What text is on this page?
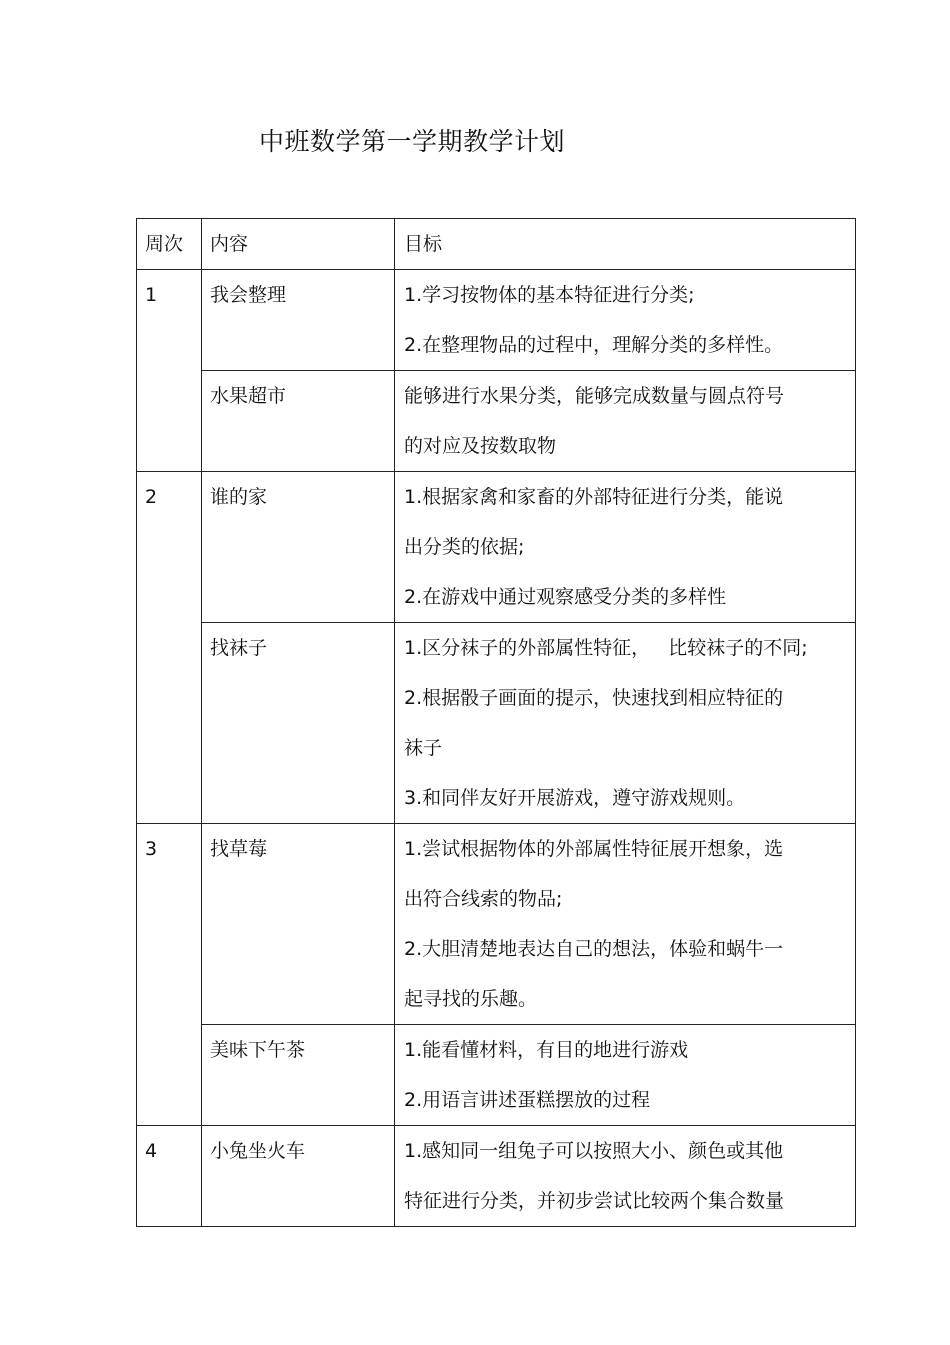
中班数学第一学期教学计划
周次	内容	目标

1	我会整理	1.学习按物体的基本特征进行分类;
2.在整理物品的过程中，理解分类的多样性。

	水果超市	能够进行水果分类，能够完成数量与圆点符号
的对应及按数取物

2	谁的家	1.根据家禽和家畜的外部特征进行分类，能说
出分类的依据;
2.在游戏中通过观察感受分类的多样性

	找袜子	1.区分袜子的外部属性特征，   比较袜子的不同;
2.根据骰子画面的提示，快速找到相应特征的
袜子
3.和同伴友好开展游戏，遵守游戏规则。

3	找草莓	1.尝试根据物体的外部属性特征展开想象，选
出符合线索的物品;
2.大胆清楚地表达自己的想法，体验和蜗牛一
起寻找的乐趣。

	美味下午茶	1.能看懂材料，有目的地进行游戏
2.用语言讲述蛋糕摆放的过程

4	小兔坐火车	1.感知同一组兔子可以按照大小、颜色或其他
特征进行分类，并初步尝试比较两个集合数量
